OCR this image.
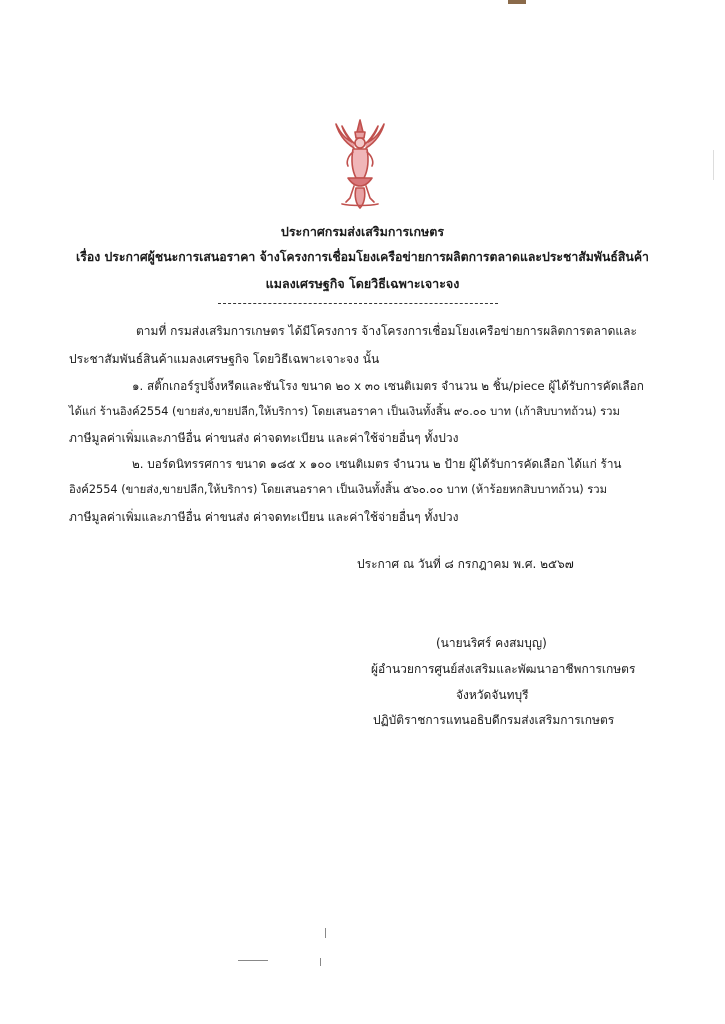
ประกาศกรมส่งเสริมการเกษตร
เรื่อง ประกาศผู้ชนะการเสนอราคา จ้างโครงการเชื่อมโยงเครือข่ายการผลิตการตลาดและประชาสัมพันธ์สินค้า
แมลงเศรษฐกิจ โดยวิธีเฉพาะเจาะจง
ตามที่ กรมส่งเสริมการเกษตร ได้มีโครงการ จ้างโครงการเชื่อมโยงเครือข่ายการผลิตการตลาดและ
ประชาสัมพันธ์สินค้าแมลงเศรษฐกิจ โดยวิธีเฉพาะเจาะจง นั้น
๑. สติ๊กเกอร์รูปจิ้งหรีดและชันโรง ขนาด ๒๐ x ๓๐ เซนติเมตร จำนวน ๒ ชิ้น/piece ผู้ได้รับการคัดเลือก
ได้แก่ ร้านอิงค์2554 (ขายส่ง,ขายปลีก,ให้บริการ) โดยเสนอราคา เป็นเงินทั้งสิ้น ๙๐.๐๐ บาท (เก้าสิบบาทถ้วน) รวม
ภาษีมูลค่าเพิ่มและภาษีอื่น ค่าขนส่ง ค่าจดทะเบียน และค่าใช้จ่ายอื่นๆ ทั้งปวง
๒. บอร์ดนิทรรศการ ขนาด ๑๘๕ x ๑๐๐ เซนติเมตร จำนวน ๒ ป้าย ผู้ได้รับการคัดเลือก ได้แก่ ร้าน
อิงค์2554 (ขายส่ง,ขายปลีก,ให้บริการ) โดยเสนอราคา เป็นเงินทั้งสิ้น ๕๖๐.๐๐ บาท (ห้าร้อยหกสิบบาทถ้วน) รวม
ภาษีมูลค่าเพิ่มและภาษีอื่น ค่าขนส่ง ค่าจดทะเบียน และค่าใช้จ่ายอื่นๆ ทั้งปวง
ประกาศ ณ วันที่ ๘ กรกฎาคม พ.ศ. ๒๕๖๗
(นายนริศร์ คงสมบุญ)
ผู้อำนวยการศูนย์ส่งเสริมและพัฒนาอาชีพการเกษตร
จังหวัดจันทบุรี
ปฏิบัติราชการแทนอธิบดีกรมส่งเสริมการเกษตร
